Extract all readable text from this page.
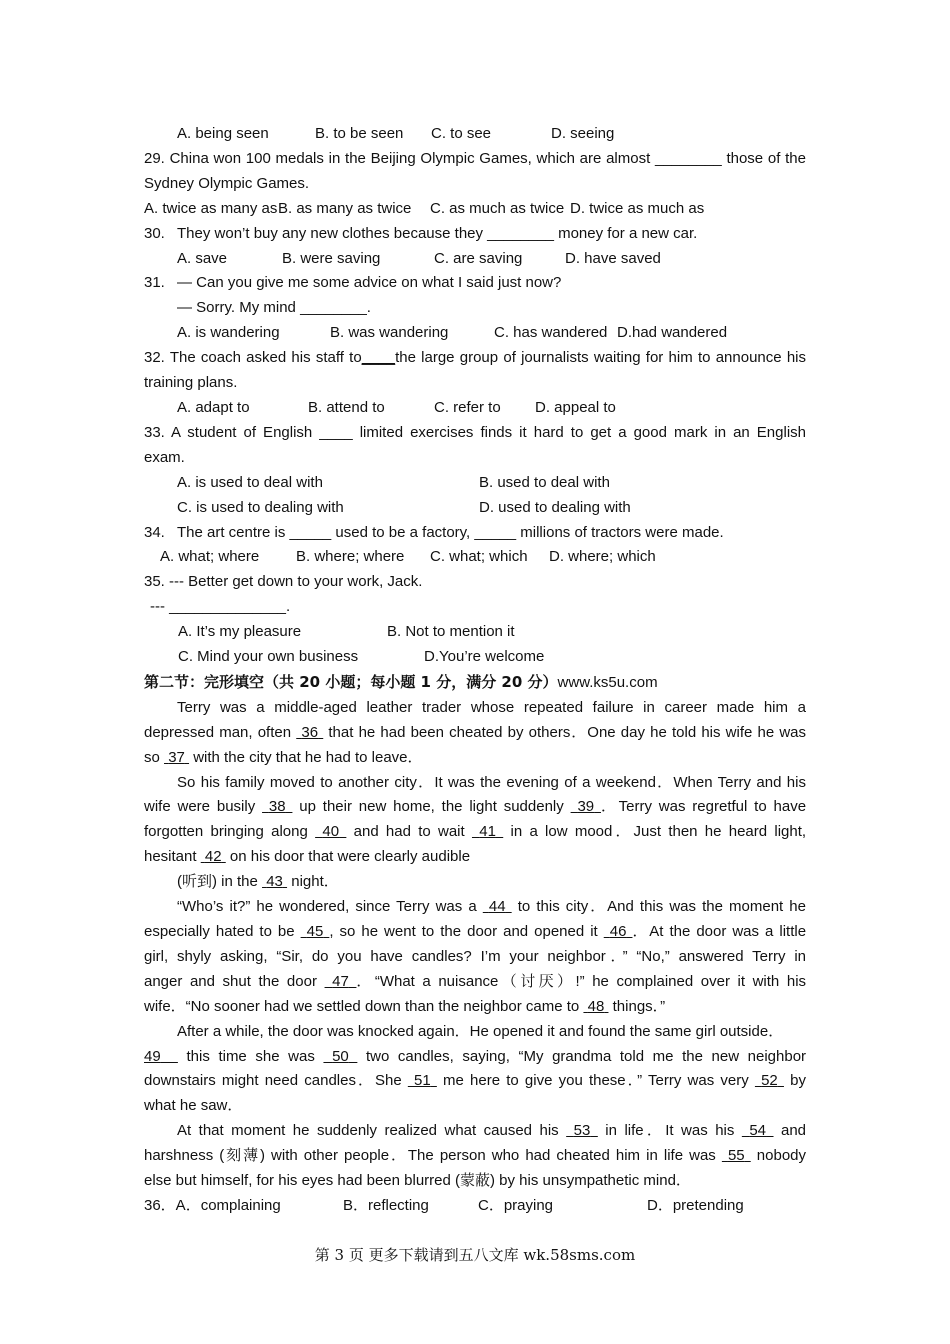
A. being seen	B. to be seen C. to see	D. seeing
29. China won 100 medals in the Beijing Olympic Games, which are almost ________ those of the
Sydney Olympic Games.
A. twice as many asB. as many as twice C. as much as twice D. twice as much as
30. They won’t buy any new clothes because they ________ money for a new car.
A. save	B. were saving	C. are saving	D. have saved
31. — Can you give me some advice on what I said just now?
— Sorry. My mind ________.
A. is wandering	B. was wandering	C. has wandered D.had wandered
32. The coach asked his staff to____the large group of journalists waiting for him to announce his
training plans.
A. adapt to	B. attend to	C. refer to D. appeal to
33. A student of English ____ limited exercises finds it hard to get a good mark in an English
exam.
A. is used to deal with	B. used to deal with
C. is used to dealing with	D. used to dealing with
34. The art centre is _____ used to be a factory, _____ millions of tractors were made.
A. what; where B. where; where C. what; which D. where; which
35. --- Better get down to your work, Jack.
--- ______________.
A. It’s my pleasure	B. Not to mention it
C. Mind your own business	D.You’re welcome
第二节：完形填空（共 20 小题；每小题 1 分，满分 20 分）www.ks5u.com
Terry was a middle-aged leather trader whose repeated failure in career made him a
depressed man, often 36 that he had been cheated by others．One day he told his wife he was
so 37 with the city that he had to leave．
So his family moved to another city．It was the evening of a weekend．When Terry and his
wife were busily 38 up their new home, the light suddenly 39 ．Terry was regretful to have
forgotten bringing along 40 and had to wait 41 in a low mood．Just then he heard light,
hesitant 42 on his door that were clearly audible
(听到) in the 43 night．
“Who’s it?” he wondered, since Terry was a 44 to this city．And this was the moment he
especially hated to be 45 , so he went to the door and opened it 46 ．At the door was a little
girl, shyly asking, “Sir, do you have candles? I’m your neighbor．” “No,” answered Terry in
anger and shut the door 47 ．“What a nuisance（讨厌）!” he complained over it with his
wife．“No sooner had we settled down than the neighbor came to 48 things．”
After a while, the door was knocked again．He opened it and found the same girl outside．
49 this time she was 50 two candles, saying, “My grandma told me the new neighbor
downstairs might need candles．She 51 me here to give you these．” Terry was very 52 by
what he saw．
At that moment he suddenly realized what caused his 53 in life．It was his 54 and
harshness (刻薄) with other people．The person who had cheated him in life was 55 nobody
else but himself, for his eyes had been blurred (蒙蔽) by his unsympathetic mind．
36．A．complaining	B．reflecting	C．praying	D．pretending
第 3 页 更多下载请到五八文库 wk.58sms.com
